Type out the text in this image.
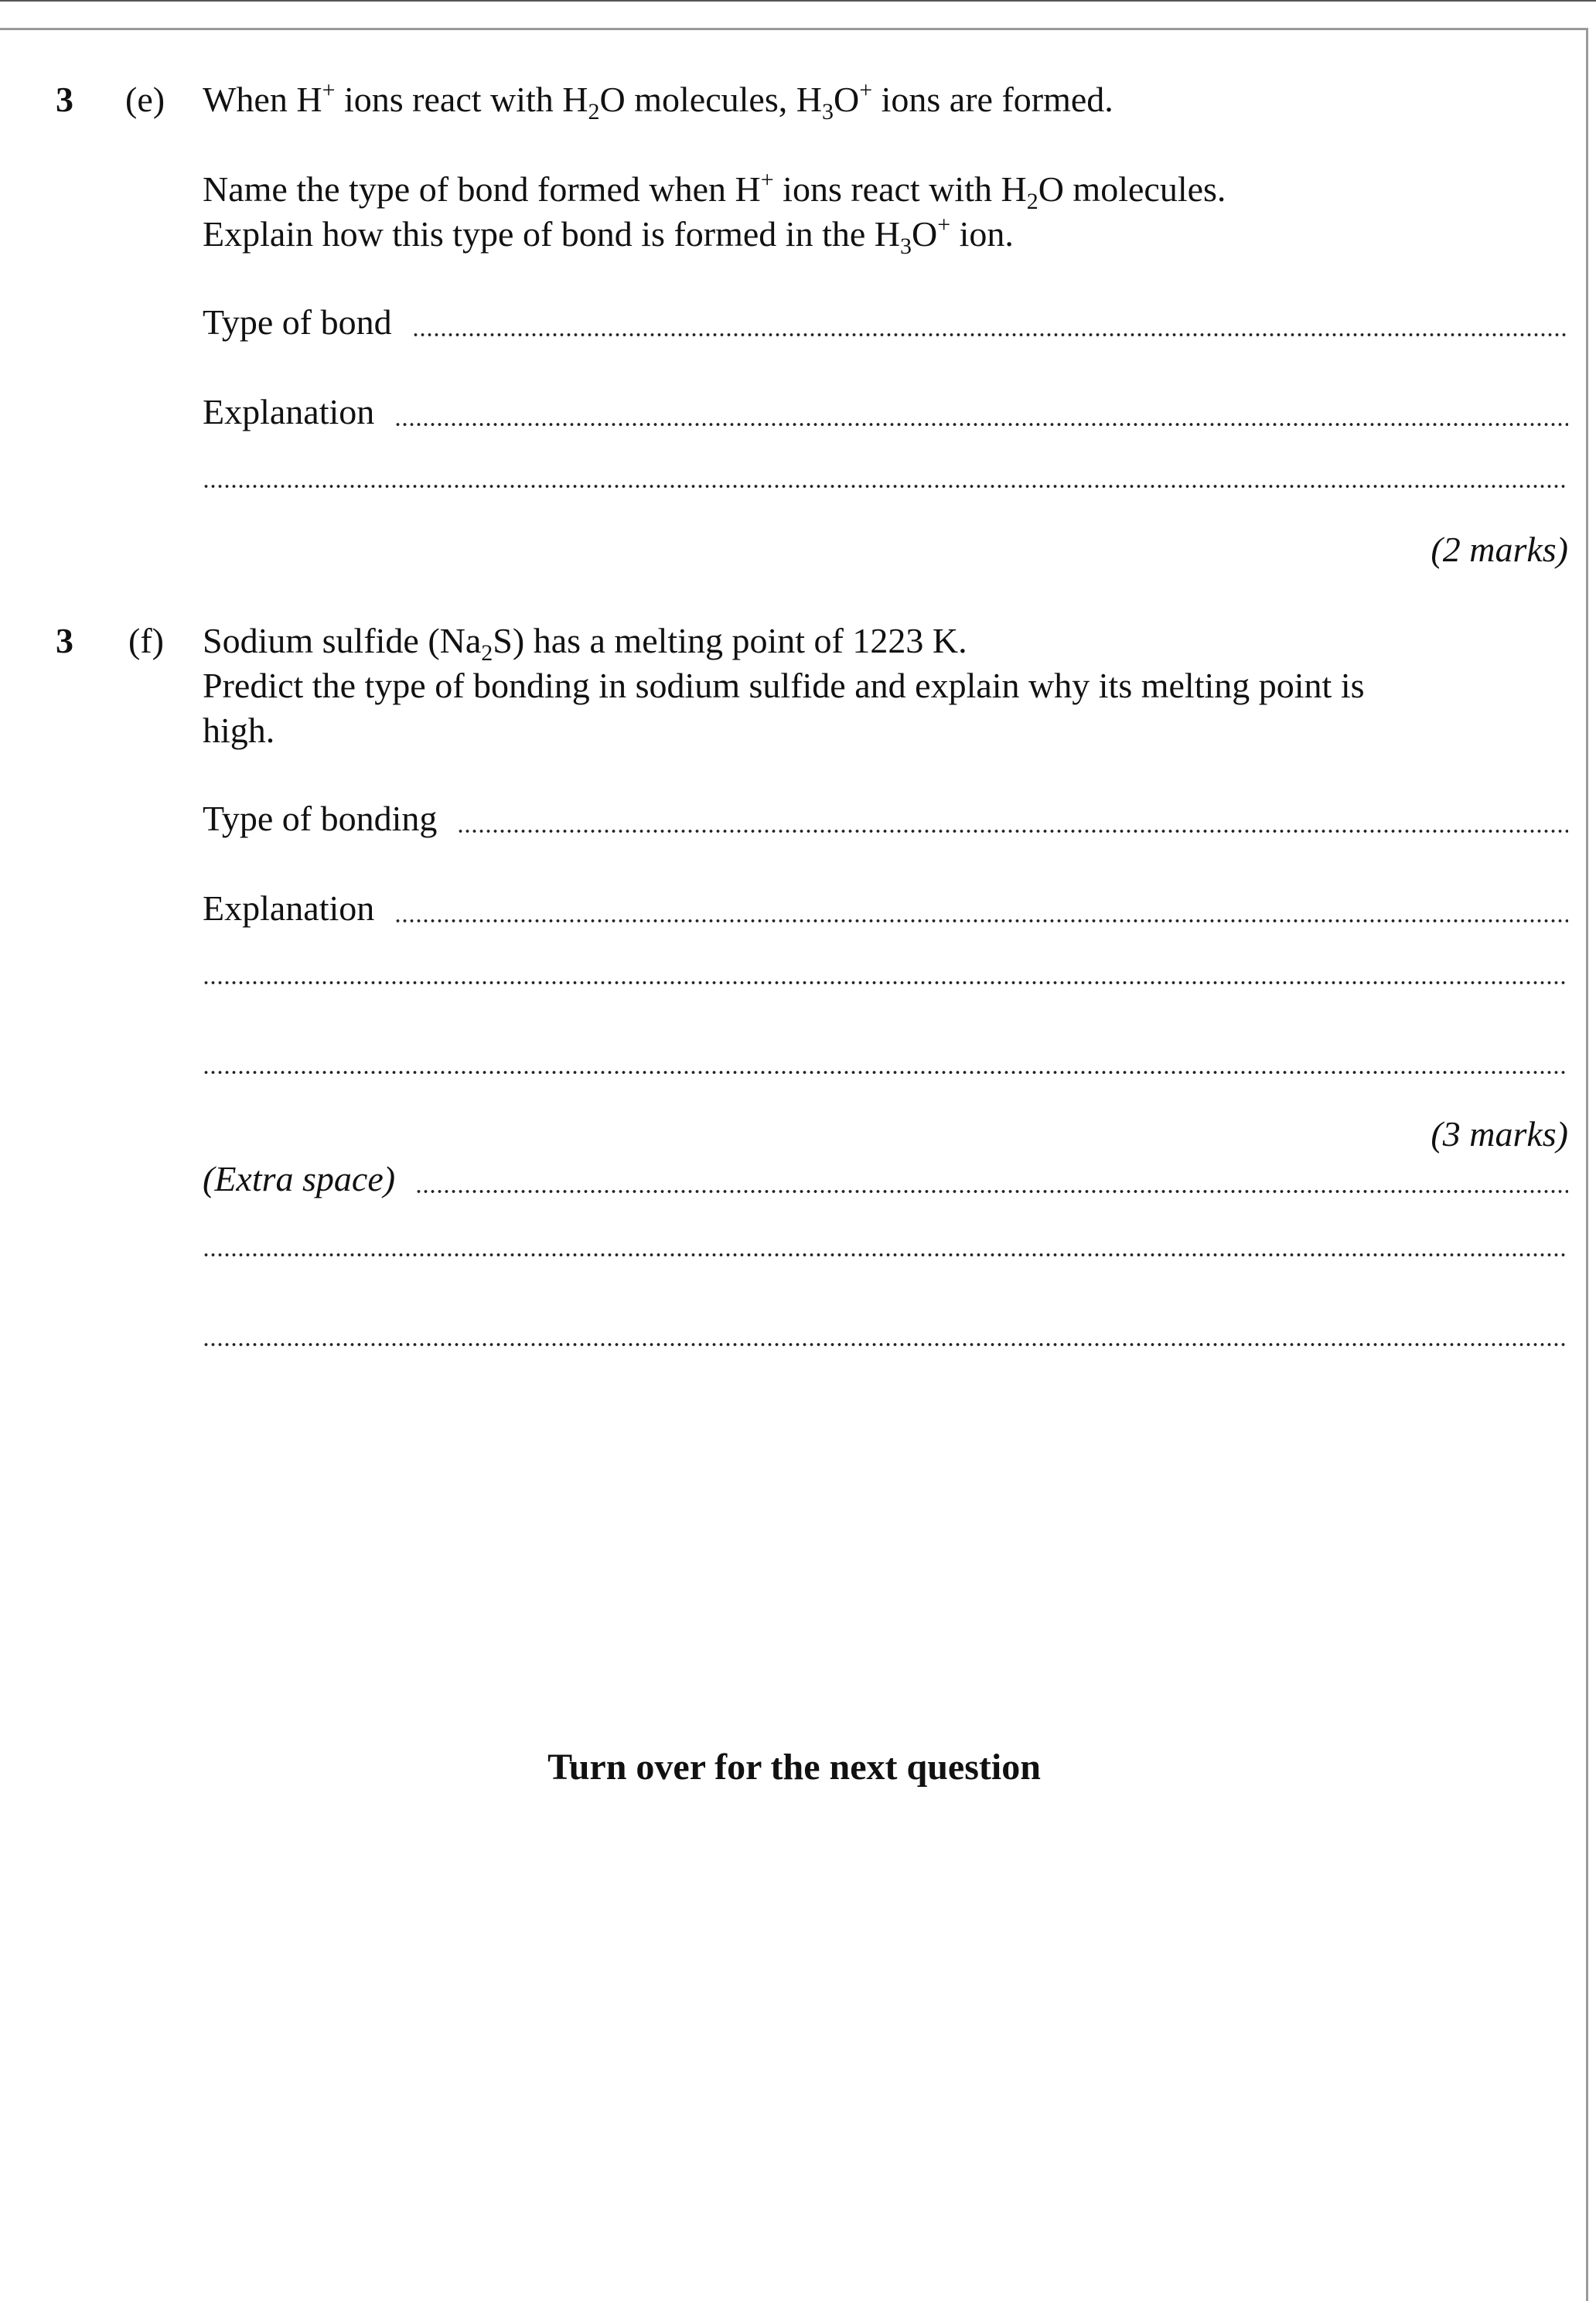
3 (e) When H+ ions react with $H_2O$ molecules, $H_3O^+$ ions are formed.
Name the type of bond formed when H+ ions react with $H_2O$ molecules.
Explain how this type of bond is formed in the $H_3O^+$ ion.
Type of bond
Explanation
(2 marks)
3 (f) Sodium sulfide $(Na_2S)$ has a melting point of 1223 K.
Predict the type of bonding in sodium sulfide and explain why its melting point is
high.
Type of bonding
Explanation
(3 marks)
(Extra space)
Turn over for the next question
